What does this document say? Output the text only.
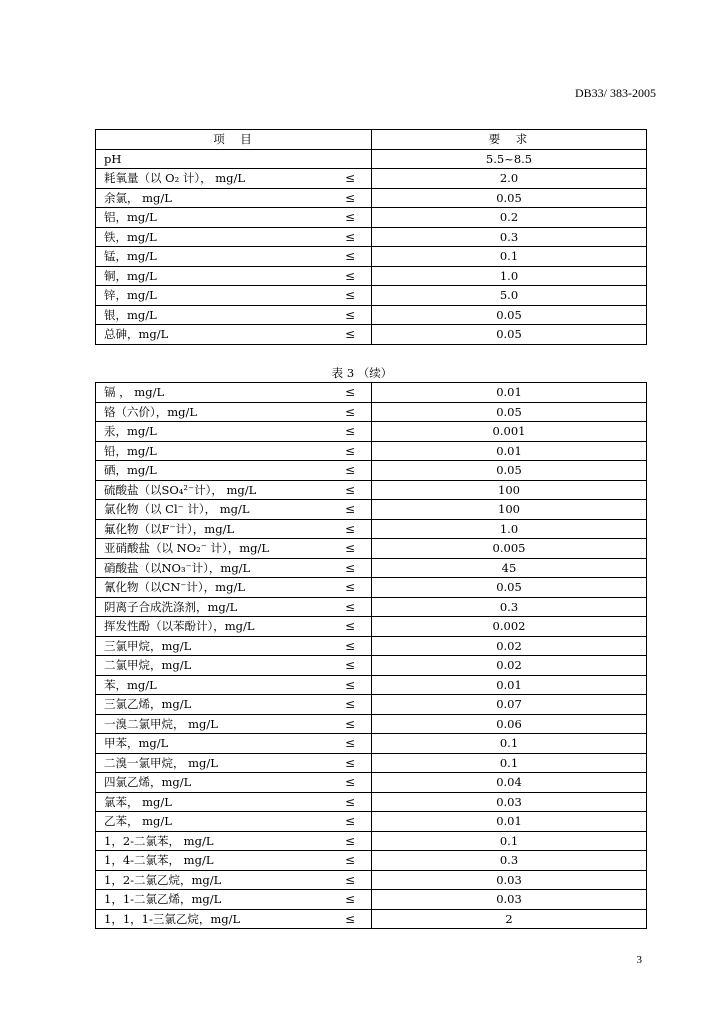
DB33/ 383-2005
项　目	要　求
pH	5.5~8.5
耗氧量（以 O₂ 计）， mg/L ≤	2.0
余氯， mg/L ≤	0.05
铝，mg/L ≤	0.2
铁，mg/L ≤	0.3
锰，mg/L ≤	0.1
铜，mg/L ≤	1.0
锌，mg/L ≤	5.0
银，mg/L ≤	0.05
总砷，mg/L ≤	0.05
表 3 （续）
镉 ， mg/L ≤	0.01
铬（六价），mg/L ≤	0.05
汞，mg/L ≤	0.001
铅，mg/L ≤	0.01
硒，mg/L ≤	0.05
硫酸盐（以SO₄²⁻计）， mg/L ≤	100
氯化物（以 Cl⁻ 计）， mg/L ≤	100
氟化物（以F⁻计），mg/L ≤	1.0
亚硝酸盐（以 NO₂⁻ 计），mg/L ≤	0.005
硝酸盐（以NO₃⁻计），mg/L ≤	45
氰化物（以CN⁻计），mg/L ≤	0.05
阴离子合成洗涤剂，mg/L ≤	0.3
挥发性酚（以苯酚计），mg/L ≤	0.002
三氯甲烷，mg/L ≤	0.02
二氯甲烷，mg/L ≤	0.02
苯，mg/L ≤	0.01
三氯乙烯，mg/L ≤	0.07
一溴二氯甲烷， mg/L ≤	0.06
甲苯，mg/L ≤	0.1
二溴一氯甲烷， mg/L ≤	0.1
四氯乙烯，mg/L ≤	0.04
氯苯， mg/L ≤	0.03
乙苯， mg/L ≤	0.01
1，2-二氯苯， mg/L ≤	0.1
1，4-二氯苯， mg/L ≤	0.3
1，2-二氯乙烷，mg/L ≤	0.03
1，1-二氯乙烯，mg/L ≤	0.03
1，1，1-三氯乙烷，mg/L ≤	2
3
